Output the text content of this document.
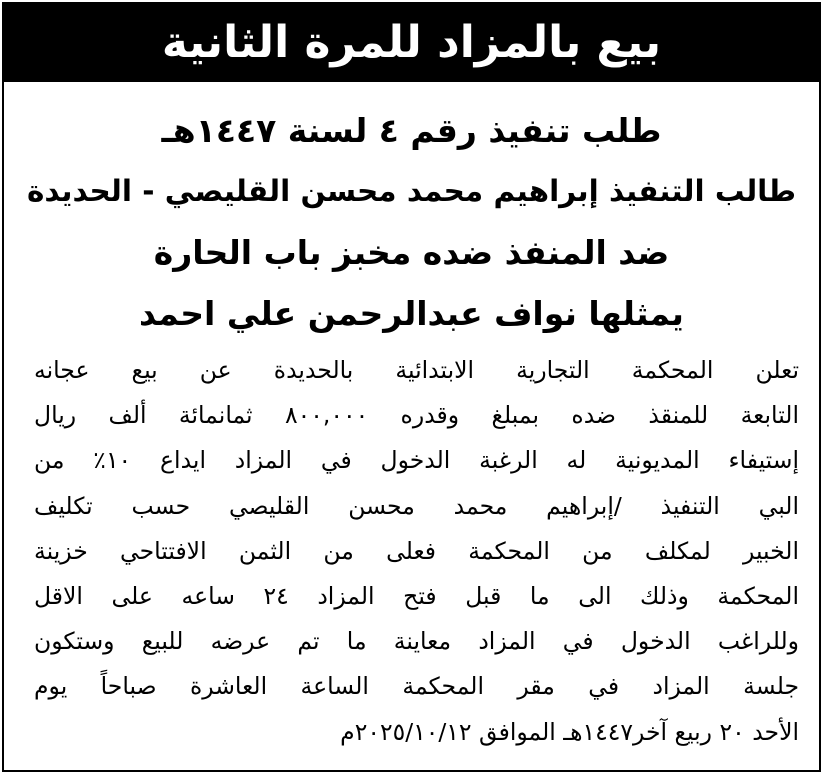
بيع بالمزاد للمرة الثانية
طلب تنفيذ رقم ٤ لسنة ١٤٤٧هـ
طالب التنفيذ إبراهيم محمد محسن القليصي - الحديدة
ضد المنفذ ضده مخبز باب الحارة
يمثلها نواف عبدالرحمن علي احمد
تعلن المحكمة التجارية الابتدائية بالحديدة عن بيع عجانه
التابعة للمنقذ ضده بمبلغ وقدره ٨٠٠,٠٠٠ ثمانمائة ألف ريال
إستيفاء المديونية له الرغبة الدخول في المزاد ايداع ١٠٪ من
البي التنفيذ /إبراهيم محمد محسن القليصي حسب تكليف
الخبير لمكلف من المحكمة فعلى من الثمن الافتتاحي خزينة
المحكمة وذلك الى ما قبل فتح المزاد ٢٤ ساعه على الاقل
وللراغب الدخول في المزاد معاينة ما تم عرضه للبيع وستكون
جلسة المزاد في مقر المحكمة الساعة العاشرة صباحاً يوم
الأحد ٢٠ ربيع آخر١٤٤٧هـ الموافق ٢٠٢٥/١٠/١٢م
